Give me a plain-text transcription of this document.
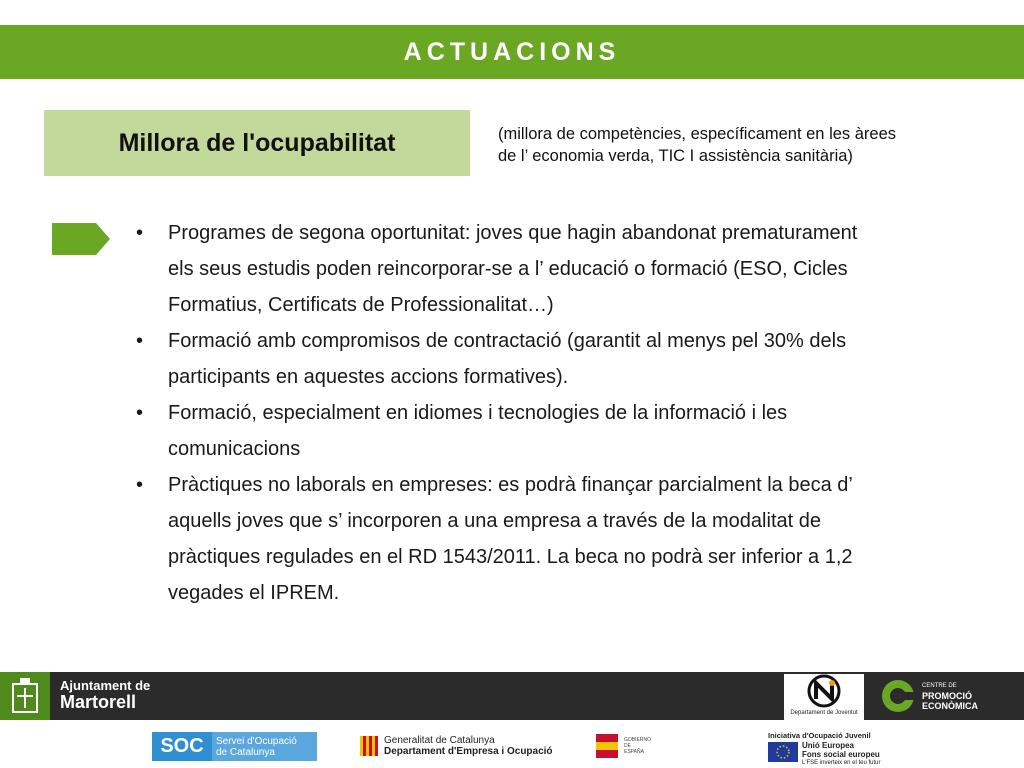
ACTUACIONS
Millora de l'ocupabilitat	(millora de competències, específicament en les àrees
de l’ economia verda, TIC I assistència sanitària)
• Programes de segona oportunitat: joves que hagin abandonat prematurament
els seus estudis poden reincorporar-se a l’ educació o formació (ESO, Cicles
Formatius, Certificats de Professionalitat…)
• Formació amb compromisos de contractació (garantit al menys pel 30% dels
participants en aquestes accions formatives).
• Formació, especialment en idiomes i tecnologies de la informació i les
comunicacions
• Pràctiques no laborals en empreses: es podrà finançar parcialment la beca d’
aquells joves que s’ incorporen a una empresa a través de la modalitat de
pràctiques regulades en el RD 1543/2011. La beca no podrà ser inferior a 1,2
vegades el IPREM.
Ajuntament de
Martorell
Departament de Joventut
CENTRE DE
PROMOCIÓ
ECONÒMICA
SOC	Servei d'Ocupació
de Catalunya
Generalitat de Catalunya
Departament d'Empresa i Ocupació
GOBIERNO DE ESPAÑA
Iniciativa d'Ocupació Juvenil
Unió Europea
Fons social europeu
L'FSE inverteix en el teu futur
